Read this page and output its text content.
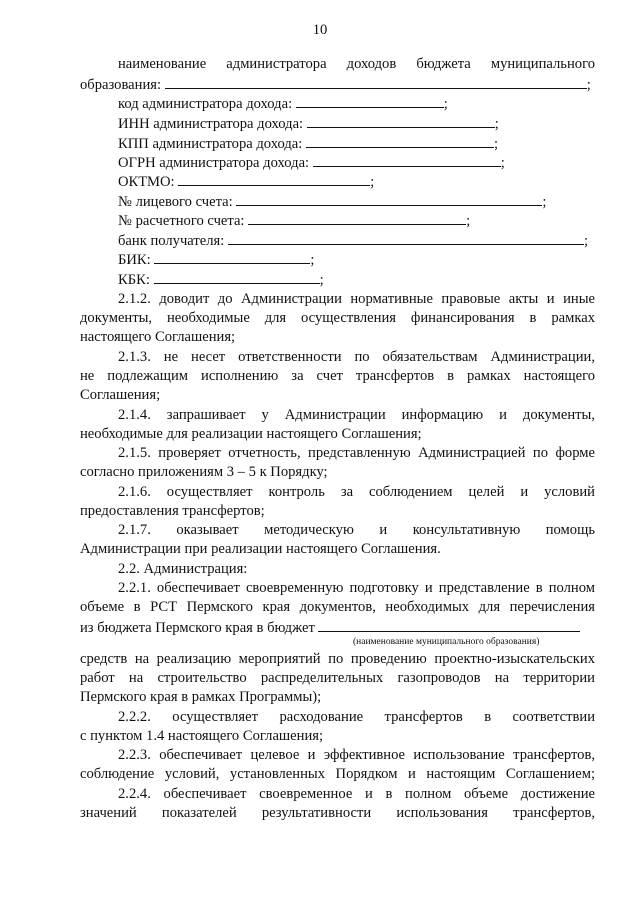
10
наименование администратора доходов бюджета муниципального
образования:	;
код администратора дохода:	;
ИНН администратора дохода:	;
КПП администратора дохода:	;
ОГРН администратора дохода:	;
ОКТМО:	;
№ лицевого счета:	;
№ расчетного счета:	;
банк получателя:	;
БИК:	;
КБК:	;
2.1.2. доводит до Администрации нормативные правовые акты и иные
документы, необходимые для осуществления финансирования в рамках
настоящего Соглашения;
2.1.3. не несет ответственности по обязательствам Администрации,
не подлежащим исполнению за счет трансфертов в рамках настоящего
Соглашения;
2.1.4. запрашивает у Администрации информацию и документы,
необходимые для реализации настоящего Соглашения;
2.1.5. проверяет отчетность, представленную Администрацией по форме
согласно приложениям 3 – 5 к Порядку;
2.1.6. осуществляет контроль за соблюдением целей и условий
предоставления трансфертов;
2.1.7. оказывает методическую и консультативную помощь
Администрации при реализации настоящего Соглашения.
2.2. Администрация:
2.2.1. обеспечивает своевременную подготовку и представление в полном
объеме в РСТ Пермского края документов, необходимых для перечисления
из бюджета Пермского края в бюджет
(наименование муниципального образования)
средств на реализацию мероприятий по проведению проектно-изыскательских
работ на строительство распределительных газопроводов на территории
Пермского края в рамках Программы);
2.2.2. осуществляет расходование трансфертов в соответствии
с пунктом 1.4 настоящего Соглашения;
2.2.3. обеспечивает целевое и эффективное использование трансфертов,
соблюдение условий, установленных Порядком и настоящим Соглашением;
2.2.4. обеспечивает своевременное и в полном объеме достижение
значений показателей результативности использования трансфертов,
